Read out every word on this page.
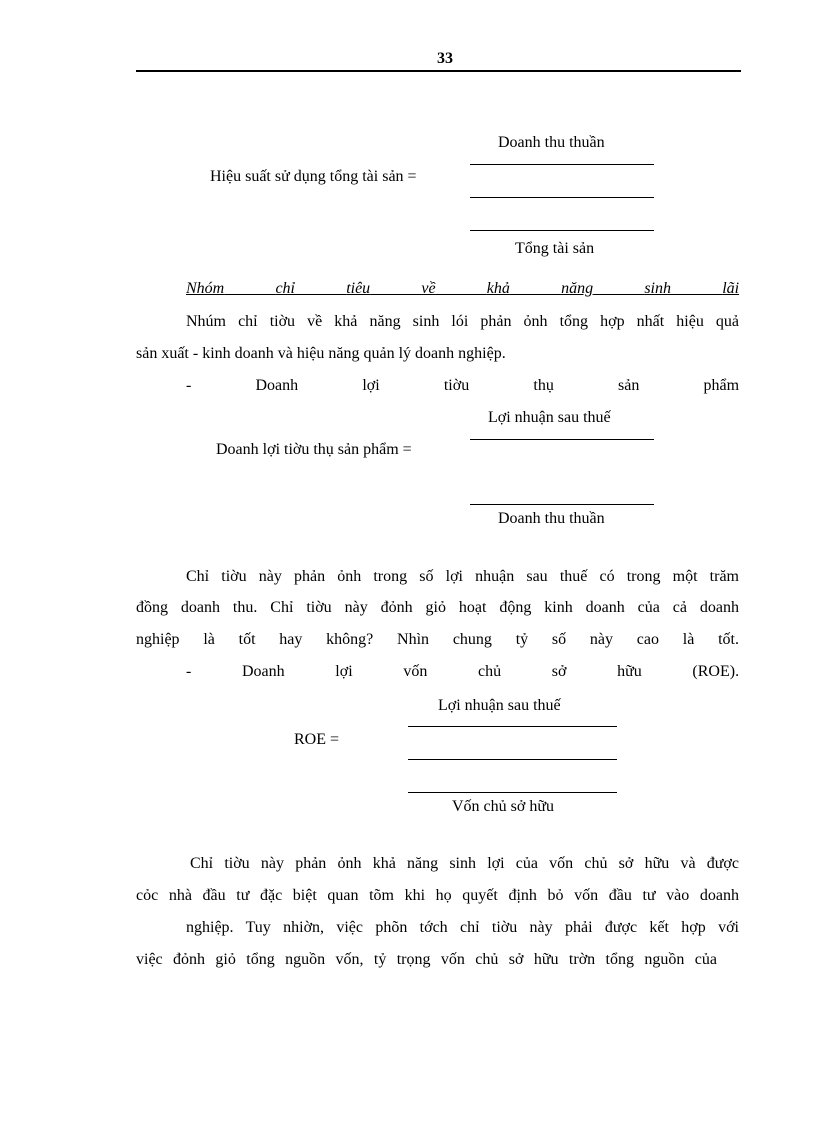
33
Doanh thu thuần
Hiệu suất sử dụng tổng tài sản =
Tổng tài sản
Nhóm	chỉ	tiêu	về	khả	năng	sinh	lãi
Nhúm chỉ tiờu về khả năng sinh lói phản ỏnh tổng hợp nhất hiệu quả
sản xuất - kinh doanh và hiệu năng quản lý doanh nghiệp.
-	Doanh	lợi	tiờu	thụ	sản	phẩm
Lợi nhuận sau thuế
Doanh lợi tiờu thụ sản phẩm =
Doanh thu thuần
Chỉ tiờu này phản ỏnh trong số lợi nhuận sau thuế có trong một trăm
đồng doanh thu. Chỉ tiờu này đỏnh giỏ hoạt động kinh doanh của cả doanh
nghiệp là tốt hay không? Nhìn chung tỷ số này cao là tốt.
-	Doanh	lợi	vốn	chủ	sở	hữu	(ROE).
Lợi nhuận sau thuế
ROE =
Vốn chủ sở hữu
Chỉ tiờu này phản ỏnh khả năng sinh lợi của vốn chủ sở hữu và được
cỏc nhà đầu tư đặc biệt quan tõm khi họ quyết định bỏ vốn đầu tư vào doanh
nghiệp. Tuy nhiờn, việc phõn tớch chỉ tiờu này phải được kết hợp với
việc đỏnh giỏ tổng nguồn vốn, tỷ trọng vốn chủ sở hữu trờn tổng nguồn của
